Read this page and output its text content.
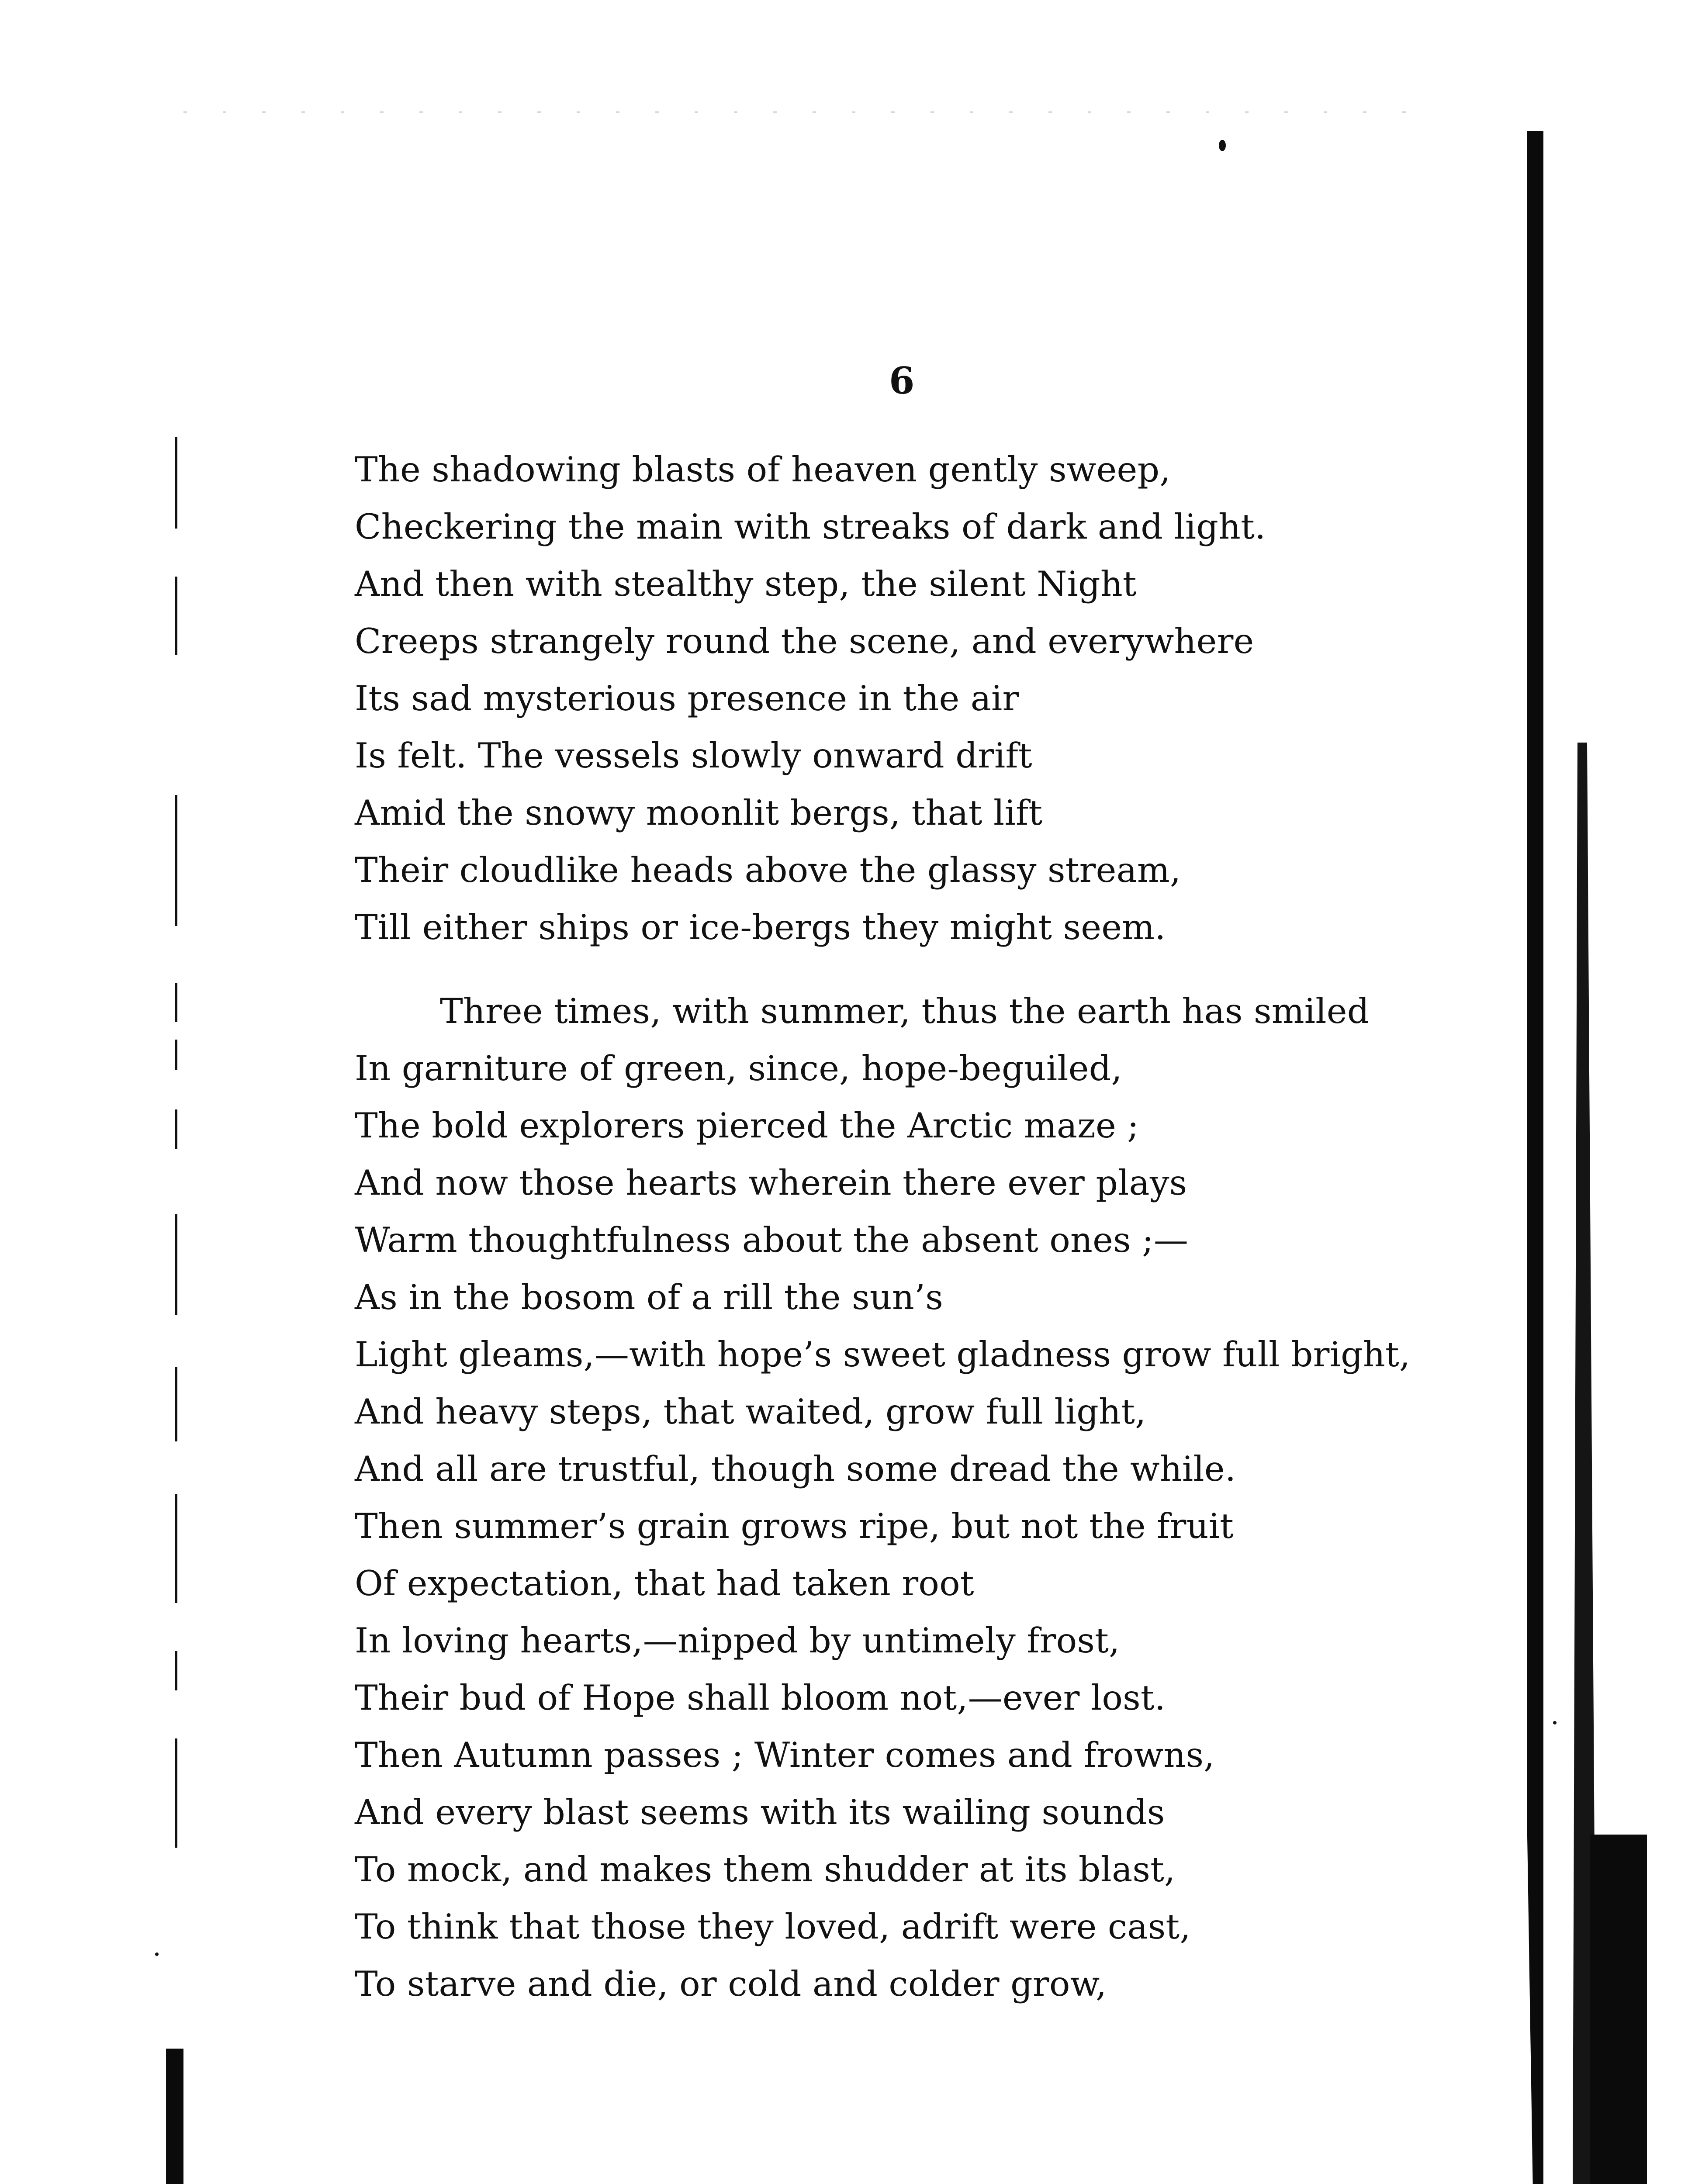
6
The shadowing blasts of heaven gently sweep,
Checkering the main with streaks of dark and light.
And then with stealthy step, the silent Night
Creeps strangely round the scene, and everywhere
Its sad mysterious presence in the air
Is felt. The vessels slowly onward drift
Amid the snowy moonlit bergs, that lift
Their cloudlike heads above the glassy stream,
Till either ships or ice-bergs they might seem.
Three times, with summer, thus the earth has smiled
In garniture of green, since, hope-beguiled,
The bold explorers pierced the Arctic maze ;
And now those hearts wherein there ever plays
Warm thoughtfulness about the absent ones ;—
As in the bosom of a rill the sun’s
Light gleams,—with hope’s sweet gladness grow full bright,
And heavy steps, that waited, grow full light,
And all are trustful, though some dread the while.
Then summer’s grain grows ripe, but not the fruit
Of expectation, that had taken root
In loving hearts,—nipped by untimely frost,
Their bud of Hope shall bloom not,—ever lost.
Then Autumn passes ; Winter comes and frowns,
And every blast seems with its wailing sounds
To mock, and makes them shudder at its blast,
To think that those they loved, adrift were cast,
To starve and die, or cold and colder grow,
